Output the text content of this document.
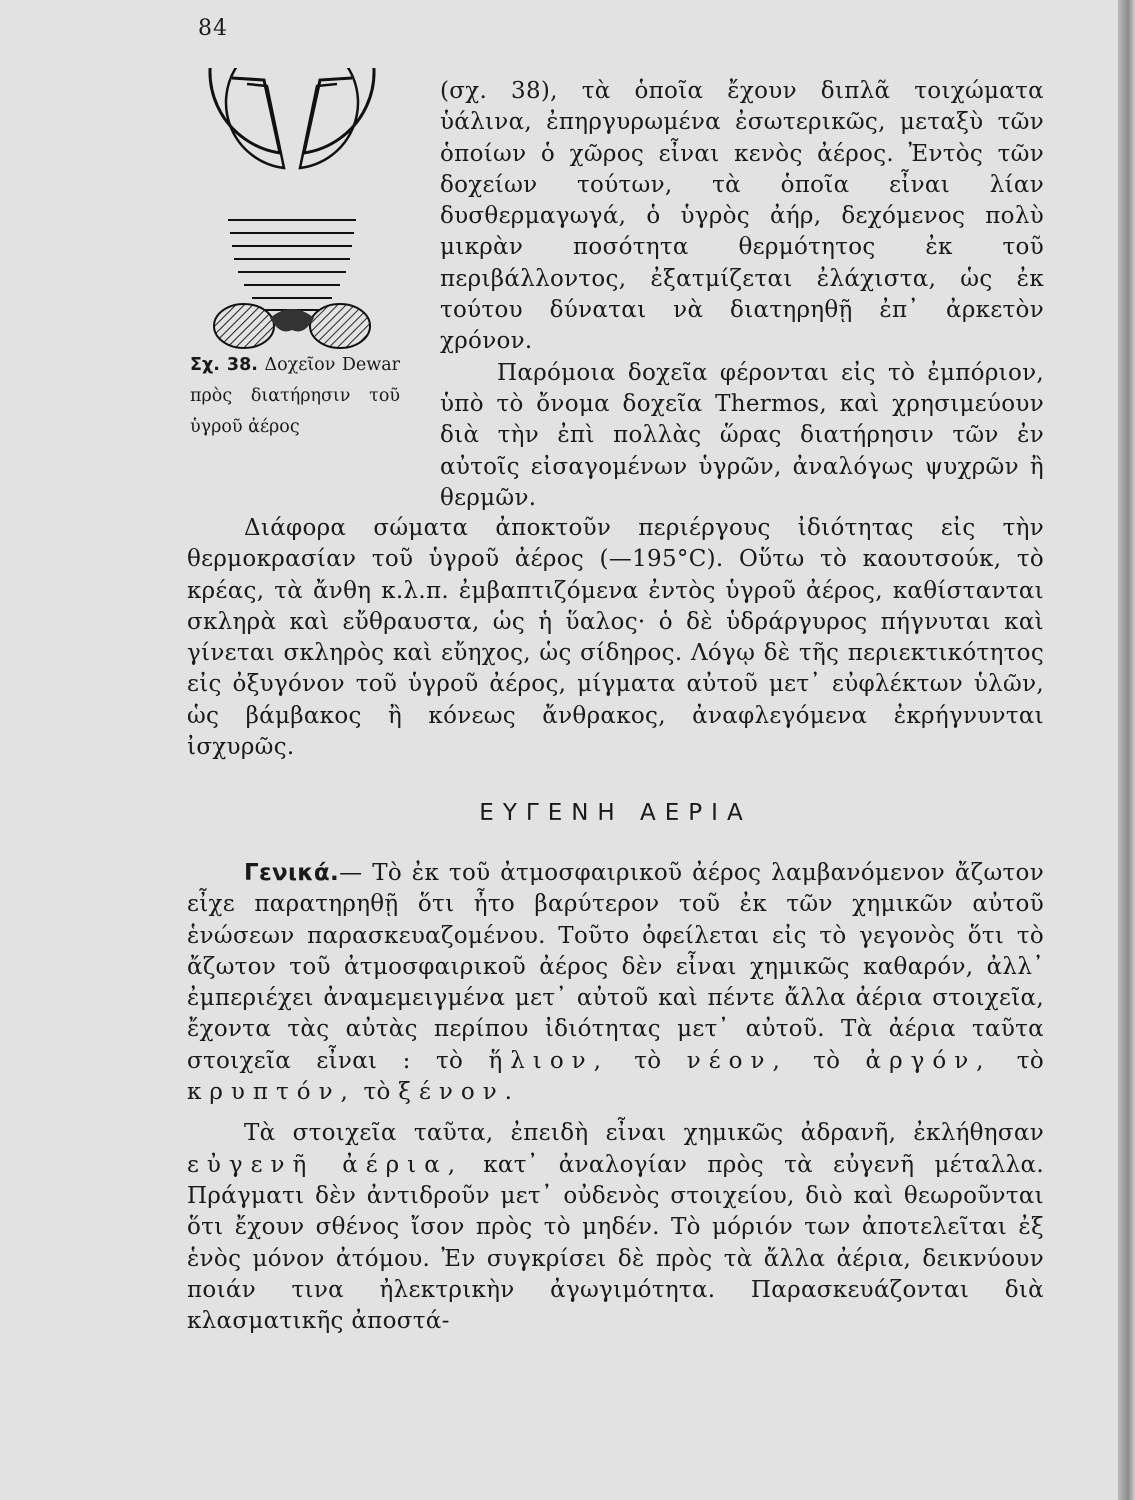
84
Σχ. 38. Δοχεῖον Dewar πρὸς διατήρησιν τοῦ ὑγροῦ ἀέρος

(σχ. 38), τὰ ὁποῖα ἔχουν διπλᾶ τοιχώματα ὑάλινα, ἐπηργυρωμένα ἐσωτερικῶς, μεταξὺ τῶν ὁποίων ὁ χῶρος εἶναι κενὸς ἀέρος. Ἐντὸς τῶν δοχείων τούτων, τὰ ὁποῖα εἶναι λίαν δυσθερμαγωγά, ὁ ὑγρὸς ἀήρ, δεχόμενος πολὺ μικρὰν ποσότητα θερμότητος ἐκ τοῦ περιβάλλοντος, ἐξατμίζεται ἐλάχιστα, ὡς ἐκ τούτου δύναται νὰ διατηρηθῇ ἐπ᾿ ἀρκετὸν χρόνον.

Παρόμοια δοχεῖα φέρονται εἰς τὸ ἐμπόριον, ὑπὸ τὸ ὄνομα δοχεῖα Thermos, καὶ χρησιμεύουν διὰ τὴν ἐπὶ πολλὰς ὥρας διατήρησιν τῶν ἐν αὐτοῖς εἰσαγομένων ὑγρῶν, ἀναλόγως ψυχρῶν ἢ θερμῶν.

Διάφορα σώματα ἀποκτοῦν περιέργους ἰδιότητας εἰς τὴν θερμοκρασίαν τοῦ ὑγροῦ ἀέρος (—195°C). Οὕτω τὸ καουτσούκ, τὸ κρέας, τὰ ἄνθη κ.λ.π. ἐμβαπτιζόμενα ἐντὸς ὑγροῦ ἀέρος, καθίστανται σκληρὰ καὶ εὔθραυστα, ὡς ἡ ὕαλος· ὁ δὲ ὑδράργυρος πήγνυται καὶ γίνεται σκληρὸς καὶ εὔηχος, ὡς σίδηρος. Λόγῳ δὲ τῆς περιεκτικότητος εἰς ὀξυγόνον τοῦ ὑγροῦ ἀέρος, μίγματα αὐτοῦ μετ᾿ εὐφλέκτων ὑλῶν, ὡς βάμβακος ἢ κόνεως ἄνθρακος, ἀναφλεγόμενα ἐκρήγνυνται ἰσχυρῶς.

ΕΥΓΕΝΗ ΑΕΡΙΑ

Γενικά.— Τὸ ἐκ τοῦ ἀτμοσφαιρικοῦ ἀέρος λαμβανόμενον ἄζωτον εἶχε παρατηρηθῇ ὅτι ἦτο βαρύτερον τοῦ ἐκ τῶν χημικῶν αὐτοῦ ἑνώσεων παρασκευαζομένου. Τοῦτο ὀφείλεται εἰς τὸ γεγονὸς ὅτι τὸ ἄζωτον τοῦ ἀτμοσφαιρικοῦ ἀέρος δὲν εἶναι χημικῶς καθαρόν, ἀλλ᾿ ἐμπεριέχει ἀναμεμειγμένα μετ᾿ αὐτοῦ καὶ πέντε ἄλλα ἀέρια στοιχεῖα, ἔχοντα τὰς αὐτὰς περίπου ἰδιότητας μετ᾿ αὐτοῦ. Τὰ ἀέρια ταῦτα στοιχεῖα εἶναι : τὸ ἥλιον, τὸ νέον, τὸ ἀργόν, τὸ κρυπτόν, τὸ ξένον.

Τὰ στοιχεῖα ταῦτα, ἐπειδὴ εἶναι χημικῶς ἀδρανῆ, ἐκλήθησαν εὐγενῆ ἀέρια, κατ᾿ ἀναλογίαν πρὸς τὰ εὐγενῆ μέταλλα. Πράγματι δὲν ἀντιδροῦν μετ᾿ οὐδενὸς στοιχείου, διὸ καὶ θεωροῦνται ὅτι ἔχουν σθένος ἴσον πρὸς τὸ μηδέν. Τὸ μόριόν των ἀποτελεῖται ἐξ ἑνὸς μόνον ἀτόμου. Ἐν συγκρίσει δὲ πρὸς τὰ ἄλλα ἀέρια, δεικνύουν ποιάν τινα ἠλεκτρικὴν ἀγωγιμότητα. Παρασκευάζονται διὰ κλασματικῆς ἀποστά-
